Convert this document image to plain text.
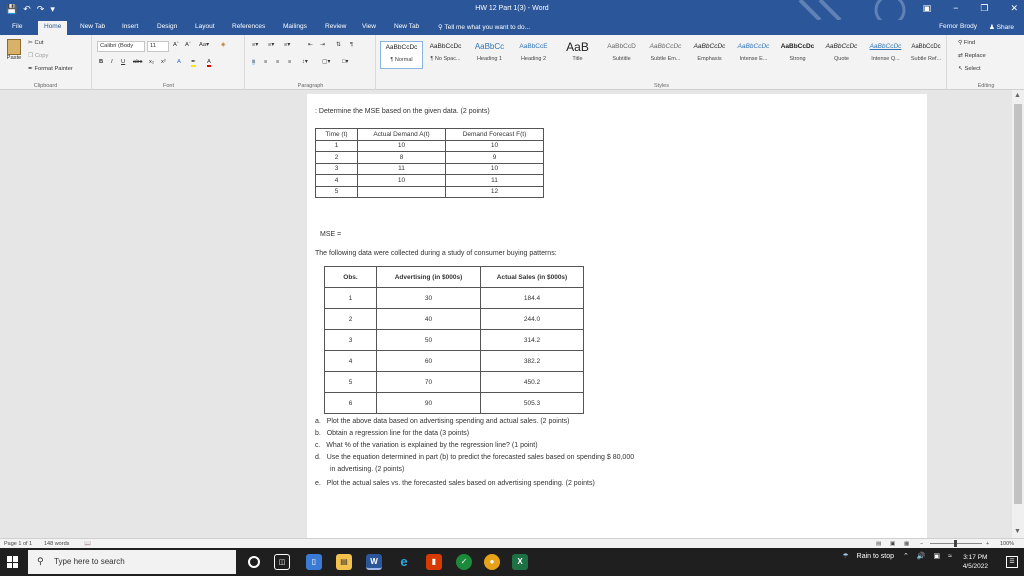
💾 ↶ ↷ ▾	HW 12 Part 1(3) - Word	▣ − ❐ ✕
File	Home	New Tab	Insert	Design	Layout	References	Mailings	Review View	New Tab	⚲ Tell me what you want to do...	Fernor Brody ♟ Share
Paste
✂ Cut
❐ Copy
✒ Format Painter
Clipboard
Calibri (Body	11	Aˆ Aˇ Aa▾ ◈
B I U abc x₂ x² A ✒ A
Font
≡▾ ≡▾ ≡▾	⇤ ⇥ ⇅ ¶
≡ ≡ ≡ ≡ ↕▾ ▢▾ □▾
Paragraph
AaBbCcDc
¶ Normal
AaBbCcDc
¶ No Spac...
AaBbCc
Heading 1
AaBbCcE
Heading 2
AaB
Title
AaBbCcD
Subtitle
AaBbCcDc
Subtle Em...
AaBbCcDc
Emphasis
AaBbCcDc
Intense E...
AaBbCcDc
Strong
AaBbCcDc
Quote
AaBbCcDc
Intense Q...
AaBbCcDc
Subtle Ref...
Styles
⚲ Find
⇄ Replace
↖ Select
Editing
: Determine the MSE based on the given data. (2 points)
Time (t)	Actual Demand A(t)	Demand Forecast F(t)
1	10	10
2	8	9
3	11	10
4	10	11
5		12
MSE =
The following data were collected during a study of consumer buying patterns:
Obs.	Advertising (in $000s)	Actual Sales (in $000s)
1	30	184.4
2	40	244.0
3	50	314.2
4	60	382.2
5	70	450.2
6	90	505.3
a. Plot the above data based on advertising spending and actual sales. (2 points)
b. Obtain a regression line for the data (3 points)
c. What % of the variation is explained by the regression line? (1 point)
d. Use the equation determined in part (b) to predict the forecasted sales based on spending $ 80,000
in advertising. (2 points)
e. Plot the actual sales vs. the forecasted sales based on advertising spending. (2 points)
▲
▼
Page 1 of 1 148 words	📖	▤ ▣ ▦ −	+ 100%
⚲ Type here to search	◫	▯	▤	W	e	▮	✓	●	X
☂ Rain to stop ⌃ 🔊 ▣ ≈ 3:17 PM
4/5/2022
☰
